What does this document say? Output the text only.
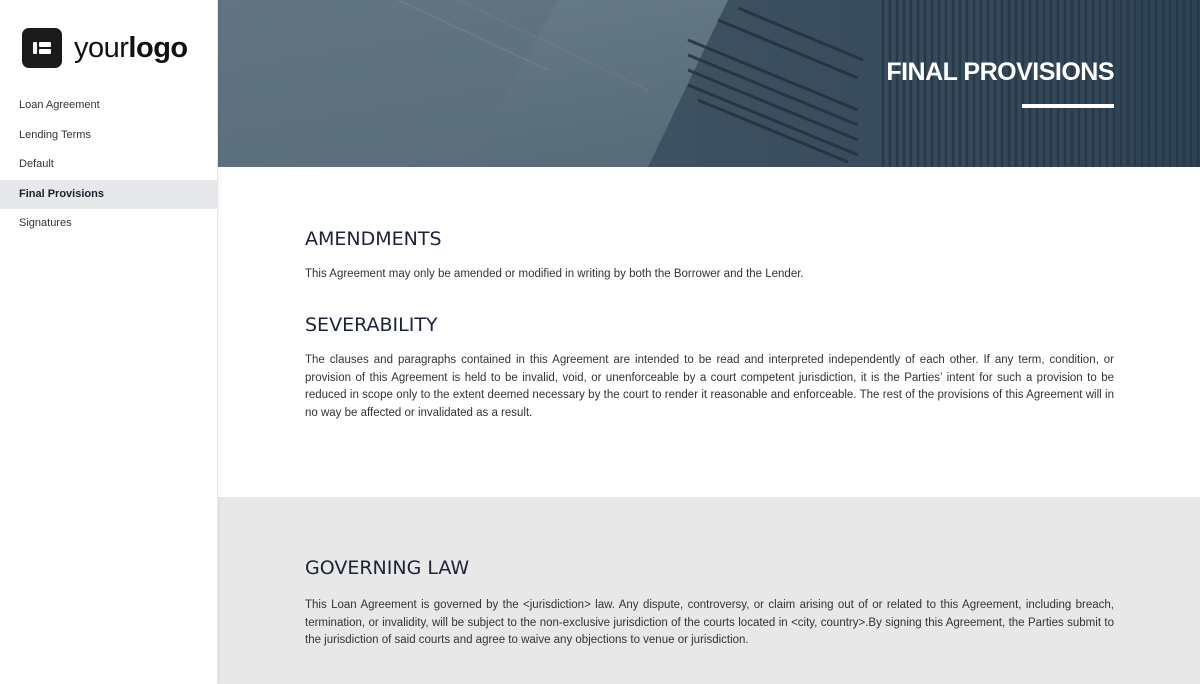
yourlogo
Loan Agreement
Lending Terms
Default
Final Provisions
Signatures
FINAL PROVISIONS
AMENDMENTS

This Agreement may only be amended or modified in writing by both the Borrower and the Lender.

SEVERABILITY

The clauses and paragraphs contained in this Agreement are intended to be read and interpreted independently of each other. If any term, condition, or provision of this Agreement is held to be invalid, void, or unenforceable by a court competent jurisdiction, it is the Parties’ intent for such a provision to be reduced in scope only to the extent deemed necessary by the court to render it reasonable and enforceable. The rest of the provisions of this Agreement will in no way be affected or invalidated as a result.

GOVERNING LAW

This Loan Agreement is governed by the <jurisdiction> law. Any dispute, controversy, or claim arising out of or related to this Agreement, including breach, termination, or invalidity, will be subject to the non-exclusive jurisdiction of the courts located in <city, country>.By signing this Agreement, the Parties submit to the jurisdiction of said courts and agree to waive any objections to venue or jurisdiction.
